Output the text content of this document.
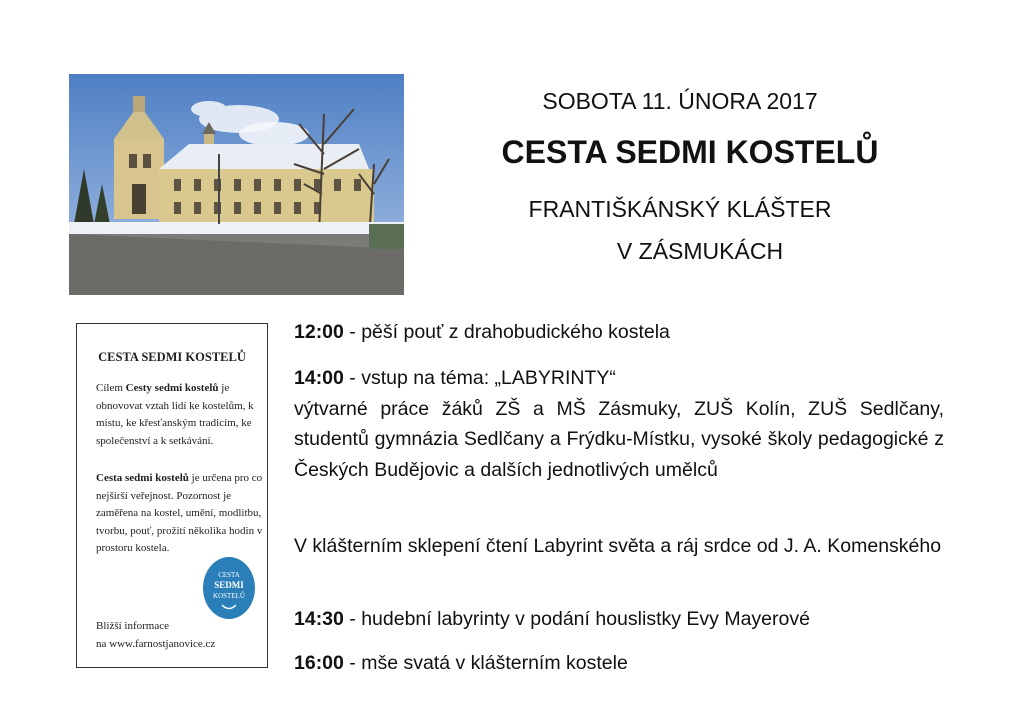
SOBOTA 11. ÚNORA 2017
CESTA SEDMI KOSTELŮ
FRANTIŠKÁNSKÝ KLÁŠTER
V ZÁSMUKÁCH
CESTA SEDMI KOSTELŮ

Cílem Cesty sedmi kostelů je obnovovat vztah lidí ke kostelům, k místu, ke křesťanským tradicím, ke společenství a k setkávání.

Cesta sedmi kostelů je určena pro co nejširší veřejnost. Pozornost je zaměřena na kostel, umění, modlitbu, tvorbu, pouť, prožití několika hodin v prostoru kostela.

CESTA
SEDMI
KOSTELŮ
Bližší informace
na www.farnostjanovice.cz

12:00 - pěší pouť z drahobudického kostela

14:00 - vstup na téma: „LABYRINTY“
výtvarné práce žáků ZŠ a MŠ Zásmuky, ZUŠ Kolín, ZUŠ Sedlčany, studentů gymnázia Sedlčany a Frýdku-Místku, vysoké školy pedagogické z Českých Budějovic a dalších jednotlivých umělců

V klášterním sklepení čtení Labyrint světa a ráj srdce od J. A. Komenského

14:30 - hudební labyrinty v podání houslistky Evy Mayerové

16:00 - mše svatá v klášterním kostele
